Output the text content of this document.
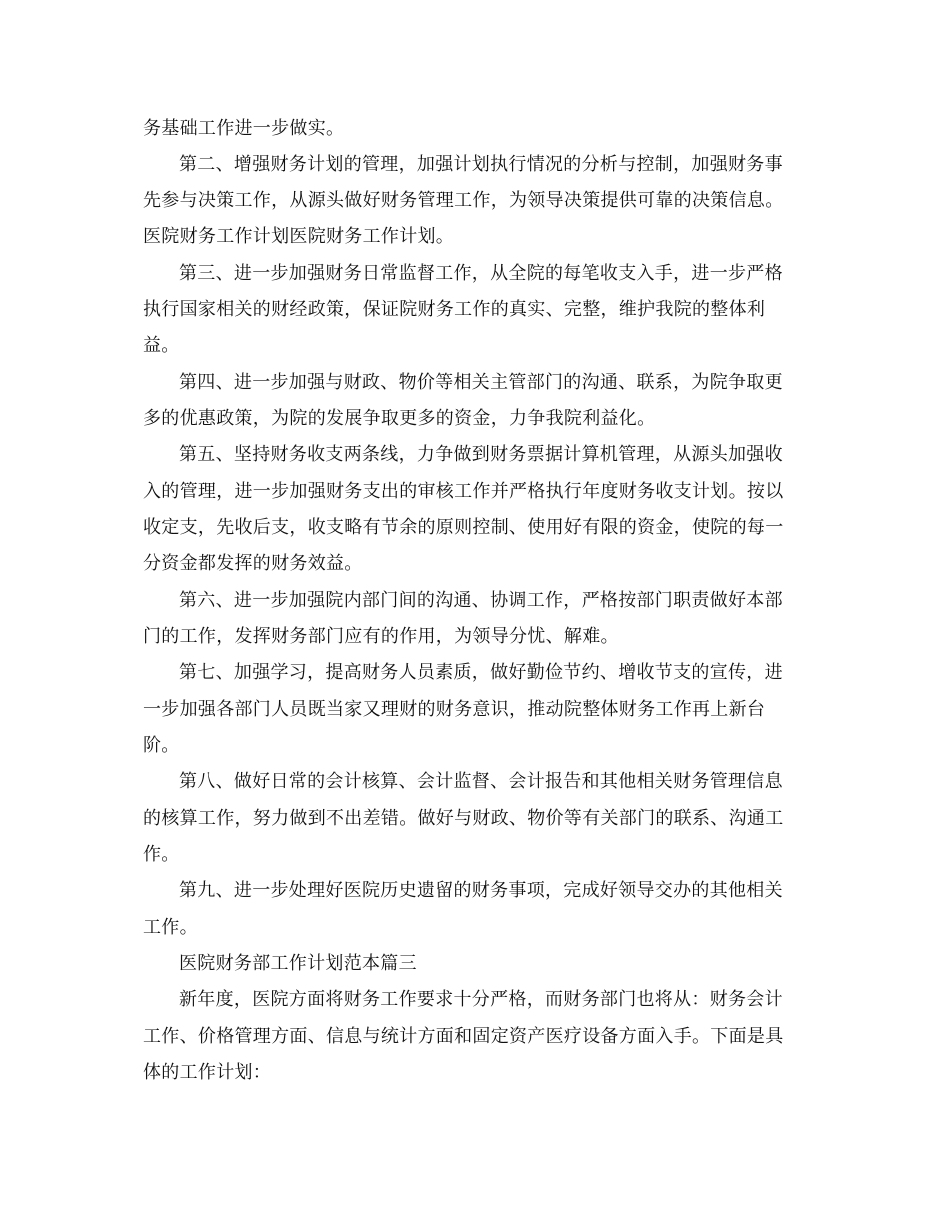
务基础工作进一步做实。
第二、增强财务计划的管理，加强计划执行情况的分析与控制，加强财务事
先参与决策工作，从源头做好财务管理工作，为领导决策提供可靠的决策信息。
医院财务工作计划医院财务工作计划。
第三、进一步加强财务日常监督工作，从全院的每笔收支入手，进一步严格
执行国家相关的财经政策，保证院财务工作的真实、完整，维护我院的整体利
益。
第四、进一步加强与财政、物价等相关主管部门的沟通、联系，为院争取更
多的优惠政策，为院的发展争取更多的资金，力争我院利益化。
第五、坚持财务收支两条线，力争做到财务票据计算机管理，从源头加强收
入的管理，进一步加强财务支出的审核工作并严格执行年度财务收支计划。按以
收定支，先收后支，收支略有节余的原则控制、使用好有限的资金，使院的每一
分资金都发挥的财务效益。
第六、进一步加强院内部门间的沟通、协调工作，严格按部门职责做好本部
门的工作，发挥财务部门应有的作用，为领导分忧、解难。
第七、加强学习，提高财务人员素质，做好勤俭节约、增收节支的宣传，进
一步加强各部门人员既当家又理财的财务意识，推动院整体财务工作再上新台
阶。
第八、做好日常的会计核算、会计监督、会计报告和其他相关财务管理信息
的核算工作，努力做到不出差错。做好与财政、物价等有关部门的联系、沟通工
作。
第九、进一步处理好医院历史遗留的财务事项，完成好领导交办的其他相关
工作。
医院财务部工作计划范本篇三
新年度，医院方面将财务工作要求十分严格，而财务部门也将从：财务会计
工作、价格管理方面、信息与统计方面和固定资产医疗设备方面入手。下面是具
体的工作计划：
